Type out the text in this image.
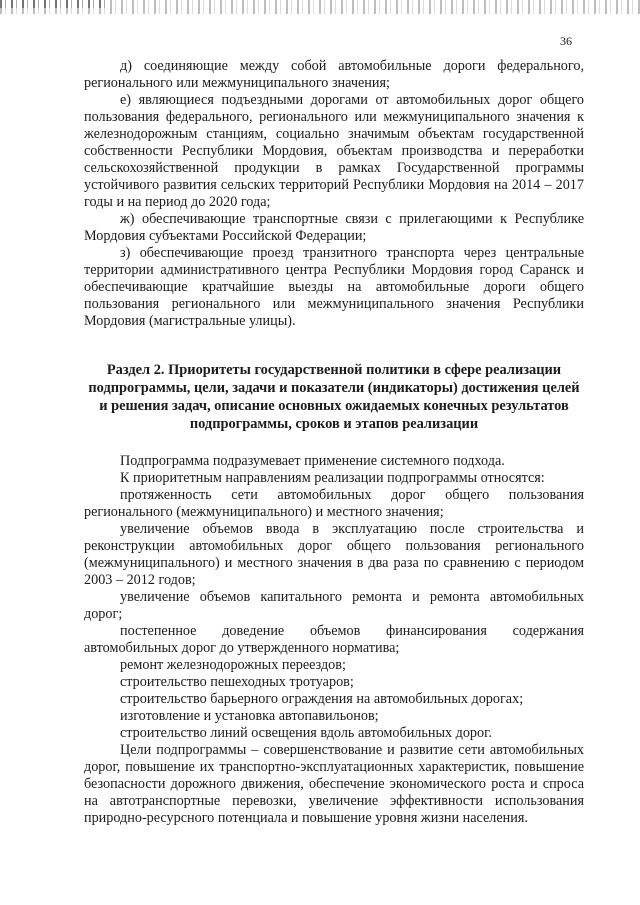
36

д) соединяющие между собой автомобильные дороги федерального, регионального или межмуниципального значения;

е) являющиеся подъездными дорогами от автомобильных дорог общего пользования федерального, регионального или межмуниципального значения к железнодорожным станциям, социально значимым объектам государственной собственности Республики Мордовия, объектам производства и переработки сельскохозяйственной продукции в рамках Государственной программы устойчивого развития сельских территорий Республики Мордовия на 2014 – 2017 годы и на период до 2020 года;

ж) обеспечивающие транспортные связи с прилегающими к Республике Мордовия субъектами Российской Федерации;

з) обеспечивающие проезд транзитного транспорта через центральные территории административного центра Республики Мордовия город Саранск и обеспечивающие кратчайшие выезды на автомобильные дороги общего пользования регионального или межмуниципального значения Республики Мордовия (магистральные улицы).

Раздел 2. Приоритеты государственной политики в сфере реализации подпрограммы, цели, задачи и показатели (индикаторы) достижения целей и решения задач, описание основных ожидаемых конечных результатов подпрограммы, сроков и этапов реализации

Подпрограмма подразумевает применение системного подхода.

К приоритетным направлениям реализации подпрограммы относятся:

протяженность сети автомобильных дорог общего пользования регионального (межмуниципального) и местного значения;

увеличение объемов ввода в эксплуатацию после строительства и реконструкции автомобильных дорог общего пользования регионального (межмуниципального) и местного значения в два раза по сравнению с периодом 2003 – 2012 годов;

увеличение объемов капитального ремонта и ремонта автомобильных дорог;

постепенное доведение объемов финансирования содержания автомобильных дорог до утвержденного норматива;

ремонт железнодорожных переездов;

строительство пешеходных тротуаров;

строительство барьерного ограждения на автомобильных дорогах;

изготовление и установка автопавильонов;

строительство линий освещения вдоль автомобильных дорог.

Цели подпрограммы – совершенствование и развитие сети автомобильных дорог, повышение их транспортно-эксплуатационных характеристик, повышение безопасности дорожного движения, обеспечение экономического роста и спроса на автотранспортные перевозки, увеличение эффективности использования природно-ресурсного потенциала и повышение уровня жизни населения.
